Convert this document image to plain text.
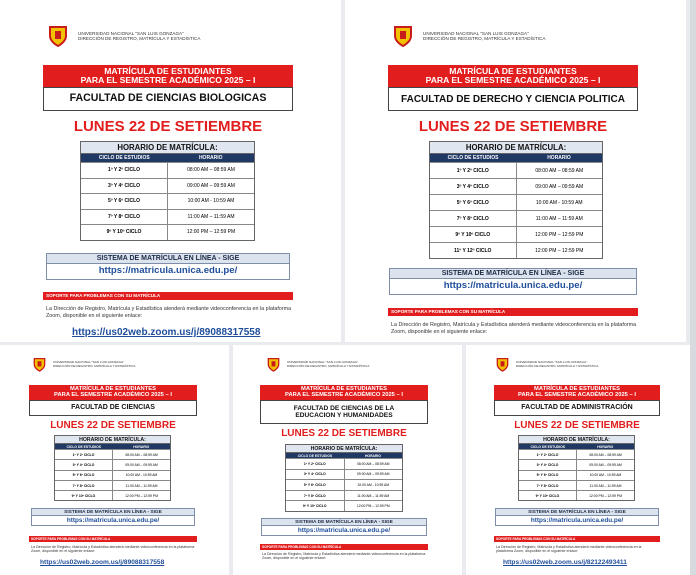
UNIVERSIDAD NACIONAL "SAN LUIS GONZAGA"
DIRECCIÓN DE REGISTRO, MATRÍCULA Y ESTADÍSTICA
MATRÍCULA DE ESTUDIANTES
PARA EL SEMESTRE ACADÉMICO 2025 – I
FACULTAD DE CIENCIAS BIOLOGICAS
LUNES 22 DE SETIEMBRE
HORARIO DE MATRÍCULA:
CICLO DE ESTUDIOS	HORARIO
1º Y 2º CICLO	08:00 AM – 08:59 AM
3º Y 4º CICLO	09:00 AM – 09:59 AM
5º Y 6º CICLO	10:00 AM - 10:59 AM
7º Y 8º CICLO	11:00 AM – 11:59 AM
9º Y 10º CICLO	12:00 PM – 12:59 PM
SISTEMA DE MATRÍCULA EN LÍNEA - SIGE
https://matricula.unica.edu.pe/
SOPORTE PARA PROBLEMAS CON SU MATRÍCULA
La Dirección de Registro, Matrícula y Estadística atenderá mediante videoconferencia en la plataforma Zoom, disponible en el siguiente enlace:
https://us02web.zoom.us/j/89088317558
UNIVERSIDAD NACIONAL "SAN LUIS GONZAGA"
DIRECCIÓN DE REGISTRO, MATRÍCULA Y ESTADÍSTICA
MATRÍCULA DE ESTUDIANTES
PARA EL SEMESTRE ACADÉMICO 2025 – I
FACULTAD DE DERECHO Y CIENCIA POLITICA
LUNES 22 DE SETIEMBRE
HORARIO DE MATRÍCULA:
CICLO DE ESTUDIOS	HORARIO
1º Y 2º CICLO	08:00 AM – 08:59 AM
3º Y 4º CICLO	09:00 AM – 09:59 AM
5º Y 6º CICLO	10:00 AM - 10:59 AM
7º Y 8º CICLO	11:00 AM – 11:59 AM
9º Y 10º CICLO	12:00 PM – 12:59 PM
11º Y 12º CICLO	12:00 PM – 12:59 PM
SISTEMA DE MATRÍCULA EN LÍNEA - SIGE
https://matricula.unica.edu.pe/
SOPORTE PARA PROBLEMAS CON SU MATRÍCULA
La Dirección de Registro, Matrícula y Estadística atenderá mediante videoconferencia en la plataforma Zoom, disponible en el siguiente enlace:
UNIVERSIDAD NACIONAL "SAN LUIS GONZAGA"
DIRECCIÓN DE REGISTRO, MATRÍCULA Y ESTADÍSTICA
MATRÍCULA DE ESTUDIANTES
PARA EL SEMESTRE ACADÉMICO 2025 – I
FACULTAD DE CIENCIAS
LUNES 22 DE SETIEMBRE
HORARIO DE MATRÍCULA:
CICLO DE ESTUDIOS	HORARIO
1º Y 2º CICLO	08:00 AM – 08:59 AM
3º Y 4º CICLO	09:00 AM – 09:59 AM
5º Y 6º CICLO	10:00 AM - 10:59 AM
7º Y 8º CICLO	11:00 AM – 11:59 AM
9º Y 10º CICLO	12:00 PM – 12:59 PM
SISTEMA DE MATRÍCULA EN LÍNEA - SIGE
https://matricula.unica.edu.pe/
SOPORTE PARA PROBLEMAS CON SU MATRÍCULA
La Dirección de Registro, Matrícula y Estadística atenderá mediante videoconferencia en la plataforma Zoom, disponible en el siguiente enlace:
https://us02web.zoom.us/j/89088317558
UNIVERSIDAD NACIONAL "SAN LUIS GONZAGA"
DIRECCIÓN DE REGISTRO, MATRÍCULA Y ESTADÍSTICA
MATRÍCULA DE ESTUDIANTES
PARA EL SEMESTRE ACADÉMICO 2025 – I
FACULTAD DE CIENCIAS DE LA EDUCACION Y HUMANIDADES
LUNES 22 DE SETIEMBRE
HORARIO DE MATRÍCULA:
CICLO DE ESTUDIOS	HORARIO
1º Y 2º CICLO	08:00 AM – 08:59 AM
3º Y 4º CICLO	09:00 AM – 09:59 AM
5º Y 6º CICLO	10:00 AM - 10:59 AM
7º Y 8º CICLO	11:00 AM – 11:59 AM
9º Y 10º CICLO	12:00 PM – 12:59 PM
SISTEMA DE MATRÍCULA EN LÍNEA - SIGE
https://matricula.unica.edu.pe/
SOPORTE PARA PROBLEMAS CON SU MATRÍCULA
La Dirección de Registro, Matrícula y Estadística atenderá mediante videoconferencia en la plataforma Zoom, disponible en el siguiente enlace:
UNIVERSIDAD NACIONAL "SAN LUIS GONZAGA"
DIRECCIÓN DE REGISTRO, MATRÍCULA Y ESTADÍSTICA
MATRÍCULA DE ESTUDIANTES
PARA EL SEMESTRE ACADÉMICO 2025 – I
FACULTAD DE ADMINISTRACIÓN
LUNES 22 DE SETIEMBRE
HORARIO DE MATRÍCULA:
CICLO DE ESTUDIOS	HORARIO
1º Y 2º CICLO	08:00 AM – 08:59 AM
3º Y 4º CICLO	09:00 AM – 09:59 AM
5º Y 6º CICLO	10:00 AM - 10:59 AM
7º Y 8º CICLO	11:00 AM – 11:59 AM
9º Y 10º CICLO	12:00 PM – 12:59 PM
SISTEMA DE MATRÍCULA EN LÍNEA - SIGE
https://matricula.unica.edu.pe/
SOPORTE PARA PROBLEMAS CON SU MATRÍCULA
La Dirección de Registro, Matrícula y Estadística atenderá mediante videoconferencia en la plataforma Zoom, disponible en el siguiente enlace:
https://us02web.zoom.us/j/82122493411
